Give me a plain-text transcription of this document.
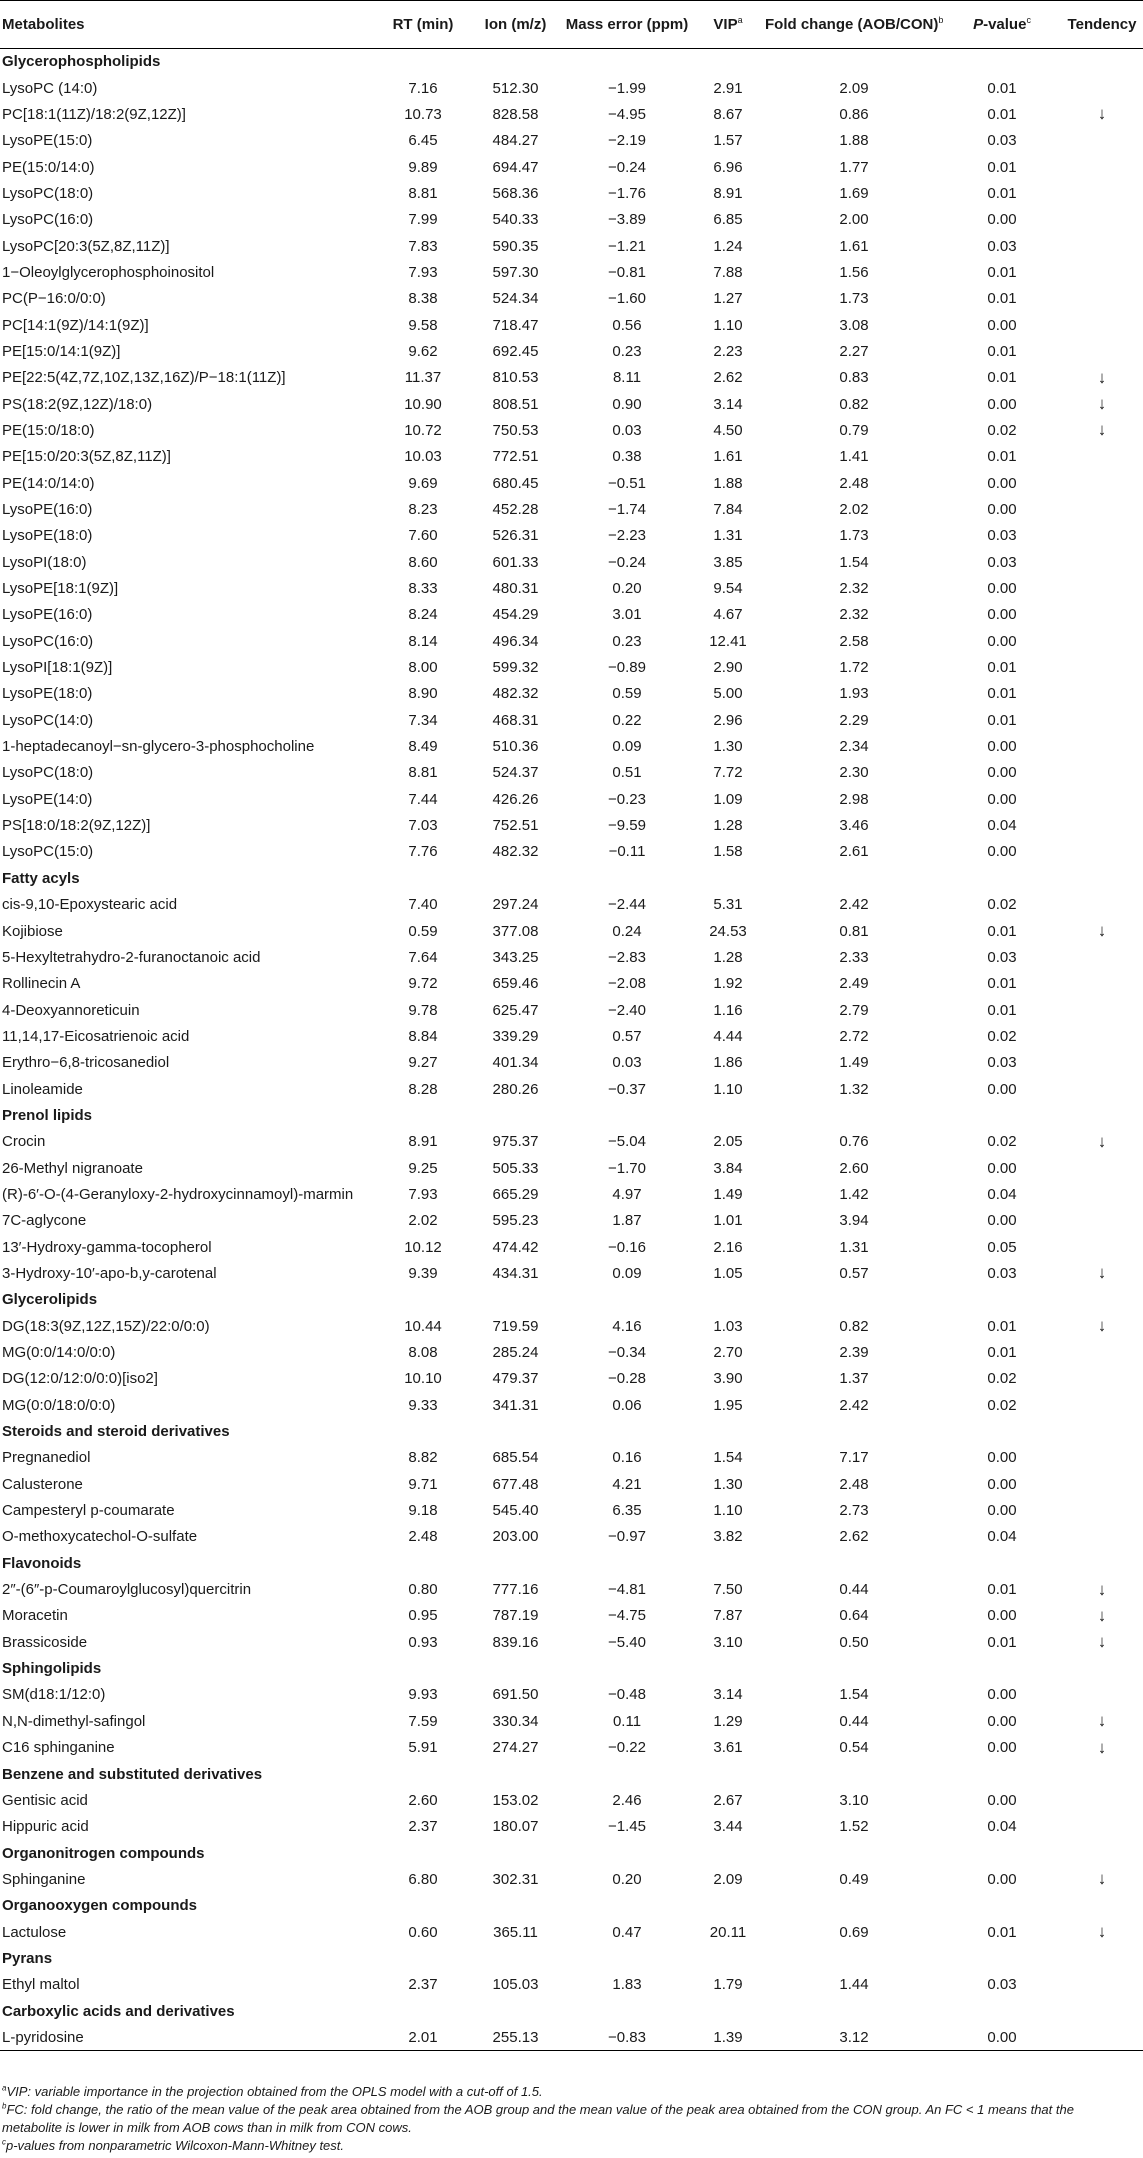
Metabolites	RT (min)	Ion (m/z)	Mass error (ppm)	VIP$^a$	Fold change $(AOB/CON)^b$	P-value$^c$	Tendency
Glycerophospholipids							
LysoPC (14:0)	7.16	512.30	−1.99	2.91	2.09	0.01	
PC[18:1(11Z)/18:2(9Z,12Z)]	10.73	828.58	−4.95	8.67	0.86	0.01	↓
LysoPE(15:0)	6.45	484.27	−2.19	1.57	1.88	0.03	
PE(15:0/14:0)	9.89	694.47	−0.24	6.96	1.77	0.01	
LysoPC(18:0)	8.81	568.36	−1.76	8.91	1.69	0.01	
LysoPC(16:0)	7.99	540.33	−3.89	6.85	2.00	0.00	
LysoPC[20:3(5Z,8Z,11Z)]	7.83	590.35	−1.21	1.24	1.61	0.03	
1−Oleoylglycerophosphoinositol	7.93	597.30	−0.81	7.88	1.56	0.01	
PC(P−16:0/0:0)	8.38	524.34	−1.60	1.27	1.73	0.01	
PC[14:1(9Z)/14:1(9Z)]	9.58	718.47	0.56	1.10	3.08	0.00	
PE[15:0/14:1(9Z)]	9.62	692.45	0.23	2.23	2.27	0.01	
PE[22:5(4Z,7Z,10Z,13Z,16Z)/P−18:1(11Z)]	11.37	810.53	8.11	2.62	0.83	0.01	↓
PS(18:2(9Z,12Z)/18:0)	10.90	808.51	0.90	3.14	0.82	0.00	↓
PE(15:0/18:0)	10.72	750.53	0.03	4.50	0.79	0.02	↓
PE[15:0/20:3(5Z,8Z,11Z)]	10.03	772.51	0.38	1.61	1.41	0.01	
PE(14:0/14:0)	9.69	680.45	−0.51	1.88	2.48	0.00	
LysoPE(16:0)	8.23	452.28	−1.74	7.84	2.02	0.00	
LysoPE(18:0)	7.60	526.31	−2.23	1.31	1.73	0.03	
LysoPI(18:0)	8.60	601.33	−0.24	3.85	1.54	0.03	
LysoPE[18:1(9Z)]	8.33	480.31	0.20	9.54	2.32	0.00	
LysoPE(16:0)	8.24	454.29	3.01	4.67	2.32	0.00	
LysoPC(16:0)	8.14	496.34	0.23	12.41	2.58	0.00	
LysoPI[18:1(9Z)]	8.00	599.32	−0.89	2.90	1.72	0.01	
LysoPE(18:0)	8.90	482.32	0.59	5.00	1.93	0.01	
LysoPC(14:0)	7.34	468.31	0.22	2.96	2.29	0.01	
1-heptadecanoyl−sn-glycero-3-phosphocholine	8.49	510.36	0.09	1.30	2.34	0.00	
LysoPC(18:0)	8.81	524.37	0.51	7.72	2.30	0.00	
LysoPE(14:0)	7.44	426.26	−0.23	1.09	2.98	0.00	
PS[18:0/18:2(9Z,12Z)]	7.03	752.51	−9.59	1.28	3.46	0.04	
LysoPC(15:0)	7.76	482.32	−0.11	1.58	2.61	0.00	
Fatty acyls							
cis-9,10-Epoxystearic acid	7.40	297.24	−2.44	5.31	2.42	0.02	
Kojibiose	0.59	377.08	0.24	24.53	0.81	0.01	↓
5-Hexyltetrahydro-2-furanoctanoic acid	7.64	343.25	−2.83	1.28	2.33	0.03	
Rollinecin A	9.72	659.46	−2.08	1.92	2.49	0.01	
4-Deoxyannoreticuin	9.78	625.47	−2.40	1.16	2.79	0.01	
11,14,17-Eicosatrienoic acid	8.84	339.29	0.57	4.44	2.72	0.02	
Erythro−6,8-tricosanediol	9.27	401.34	0.03	1.86	1.49	0.03	
Linoleamide	8.28	280.26	−0.37	1.10	1.32	0.00	
Prenol lipids							
Crocin	8.91	975.37	−5.04	2.05	0.76	0.02	↓
26-Methyl nigranoate	9.25	505.33	−1.70	3.84	2.60	0.00	
(R)-6′-O-(4-Geranyloxy-2-hydroxycinnamoyl)-marmin	7.93	665.29	4.97	1.49	1.42	0.04	
7C-aglycone	2.02	595.23	1.87	1.01	3.94	0.00	
13′-Hydroxy-gamma-tocopherol	10.12	474.42	−0.16	2.16	1.31	0.05	
3-Hydroxy-10′-apo-b,y-carotenal	9.39	434.31	0.09	1.05	0.57	0.03	↓
Glycerolipids							
DG(18:3(9Z,12Z,15Z)/22:0/0:0)	10.44	719.59	4.16	1.03	0.82	0.01	↓
MG(0:0/14:0/0:0)	8.08	285.24	−0.34	2.70	2.39	0.01	
DG(12:0/12:0/0:0)[iso2]	10.10	479.37	−0.28	3.90	1.37	0.02	
MG(0:0/18:0/0:0)	9.33	341.31	0.06	1.95	2.42	0.02	
Steroids and steroid derivatives							
Pregnanediol	8.82	685.54	0.16	1.54	7.17	0.00	
Calusterone	9.71	677.48	4.21	1.30	2.48	0.00	
Campesteryl p-coumarate	9.18	545.40	6.35	1.10	2.73	0.00	
O-methoxycatechol-O-sulfate	2.48	203.00	−0.97	3.82	2.62	0.04	
Flavonoids							
2″-(6″-p-Coumaroylglucosyl)quercitrin	0.80	777.16	−4.81	7.50	0.44	0.01	↓
Moracetin	0.95	787.19	−4.75	7.87	0.64	0.00	↓
Brassicoside	0.93	839.16	−5.40	3.10	0.50	0.01	↓
Sphingolipids							
SM(d18:1/12:0)	9.93	691.50	−0.48	3.14	1.54	0.00	
N,N-dimethyl-safingol	7.59	330.34	0.11	1.29	0.44	0.00	↓
C16 sphinganine	5.91	274.27	−0.22	3.61	0.54	0.00	↓
Benzene and substituted derivatives							
Gentisic acid	2.60	153.02	2.46	2.67	3.10	0.00	
Hippuric acid	2.37	180.07	−1.45	3.44	1.52	0.04	
Organonitrogen compounds							
Sphinganine	6.80	302.31	0.20	2.09	0.49	0.00	↓
Organooxygen compounds							
Lactulose	0.60	365.11	0.47	20.11	0.69	0.01	↓
Pyrans							
Ethyl maltol	2.37	105.03	1.83	1.79	1.44	0.03	
Carboxylic acids and derivatives							
L-pyridosine	2.01	255.13	−0.83	1.39	3.12	0.00	

$^a$VIP: variable importance in the projection obtained from the OPLS model with a cut-off of 1.5.

$^b$FC: fold change, the ratio of the mean value of the peak area obtained from the AOB group and the mean value of the peak area obtained from the CON group. An FC < 1 means that the metabolite is lower in milk from AOB cows than in milk from CON cows.

$^c$p-values from nonparametric Wilcoxon-Mann-Whitney test.
